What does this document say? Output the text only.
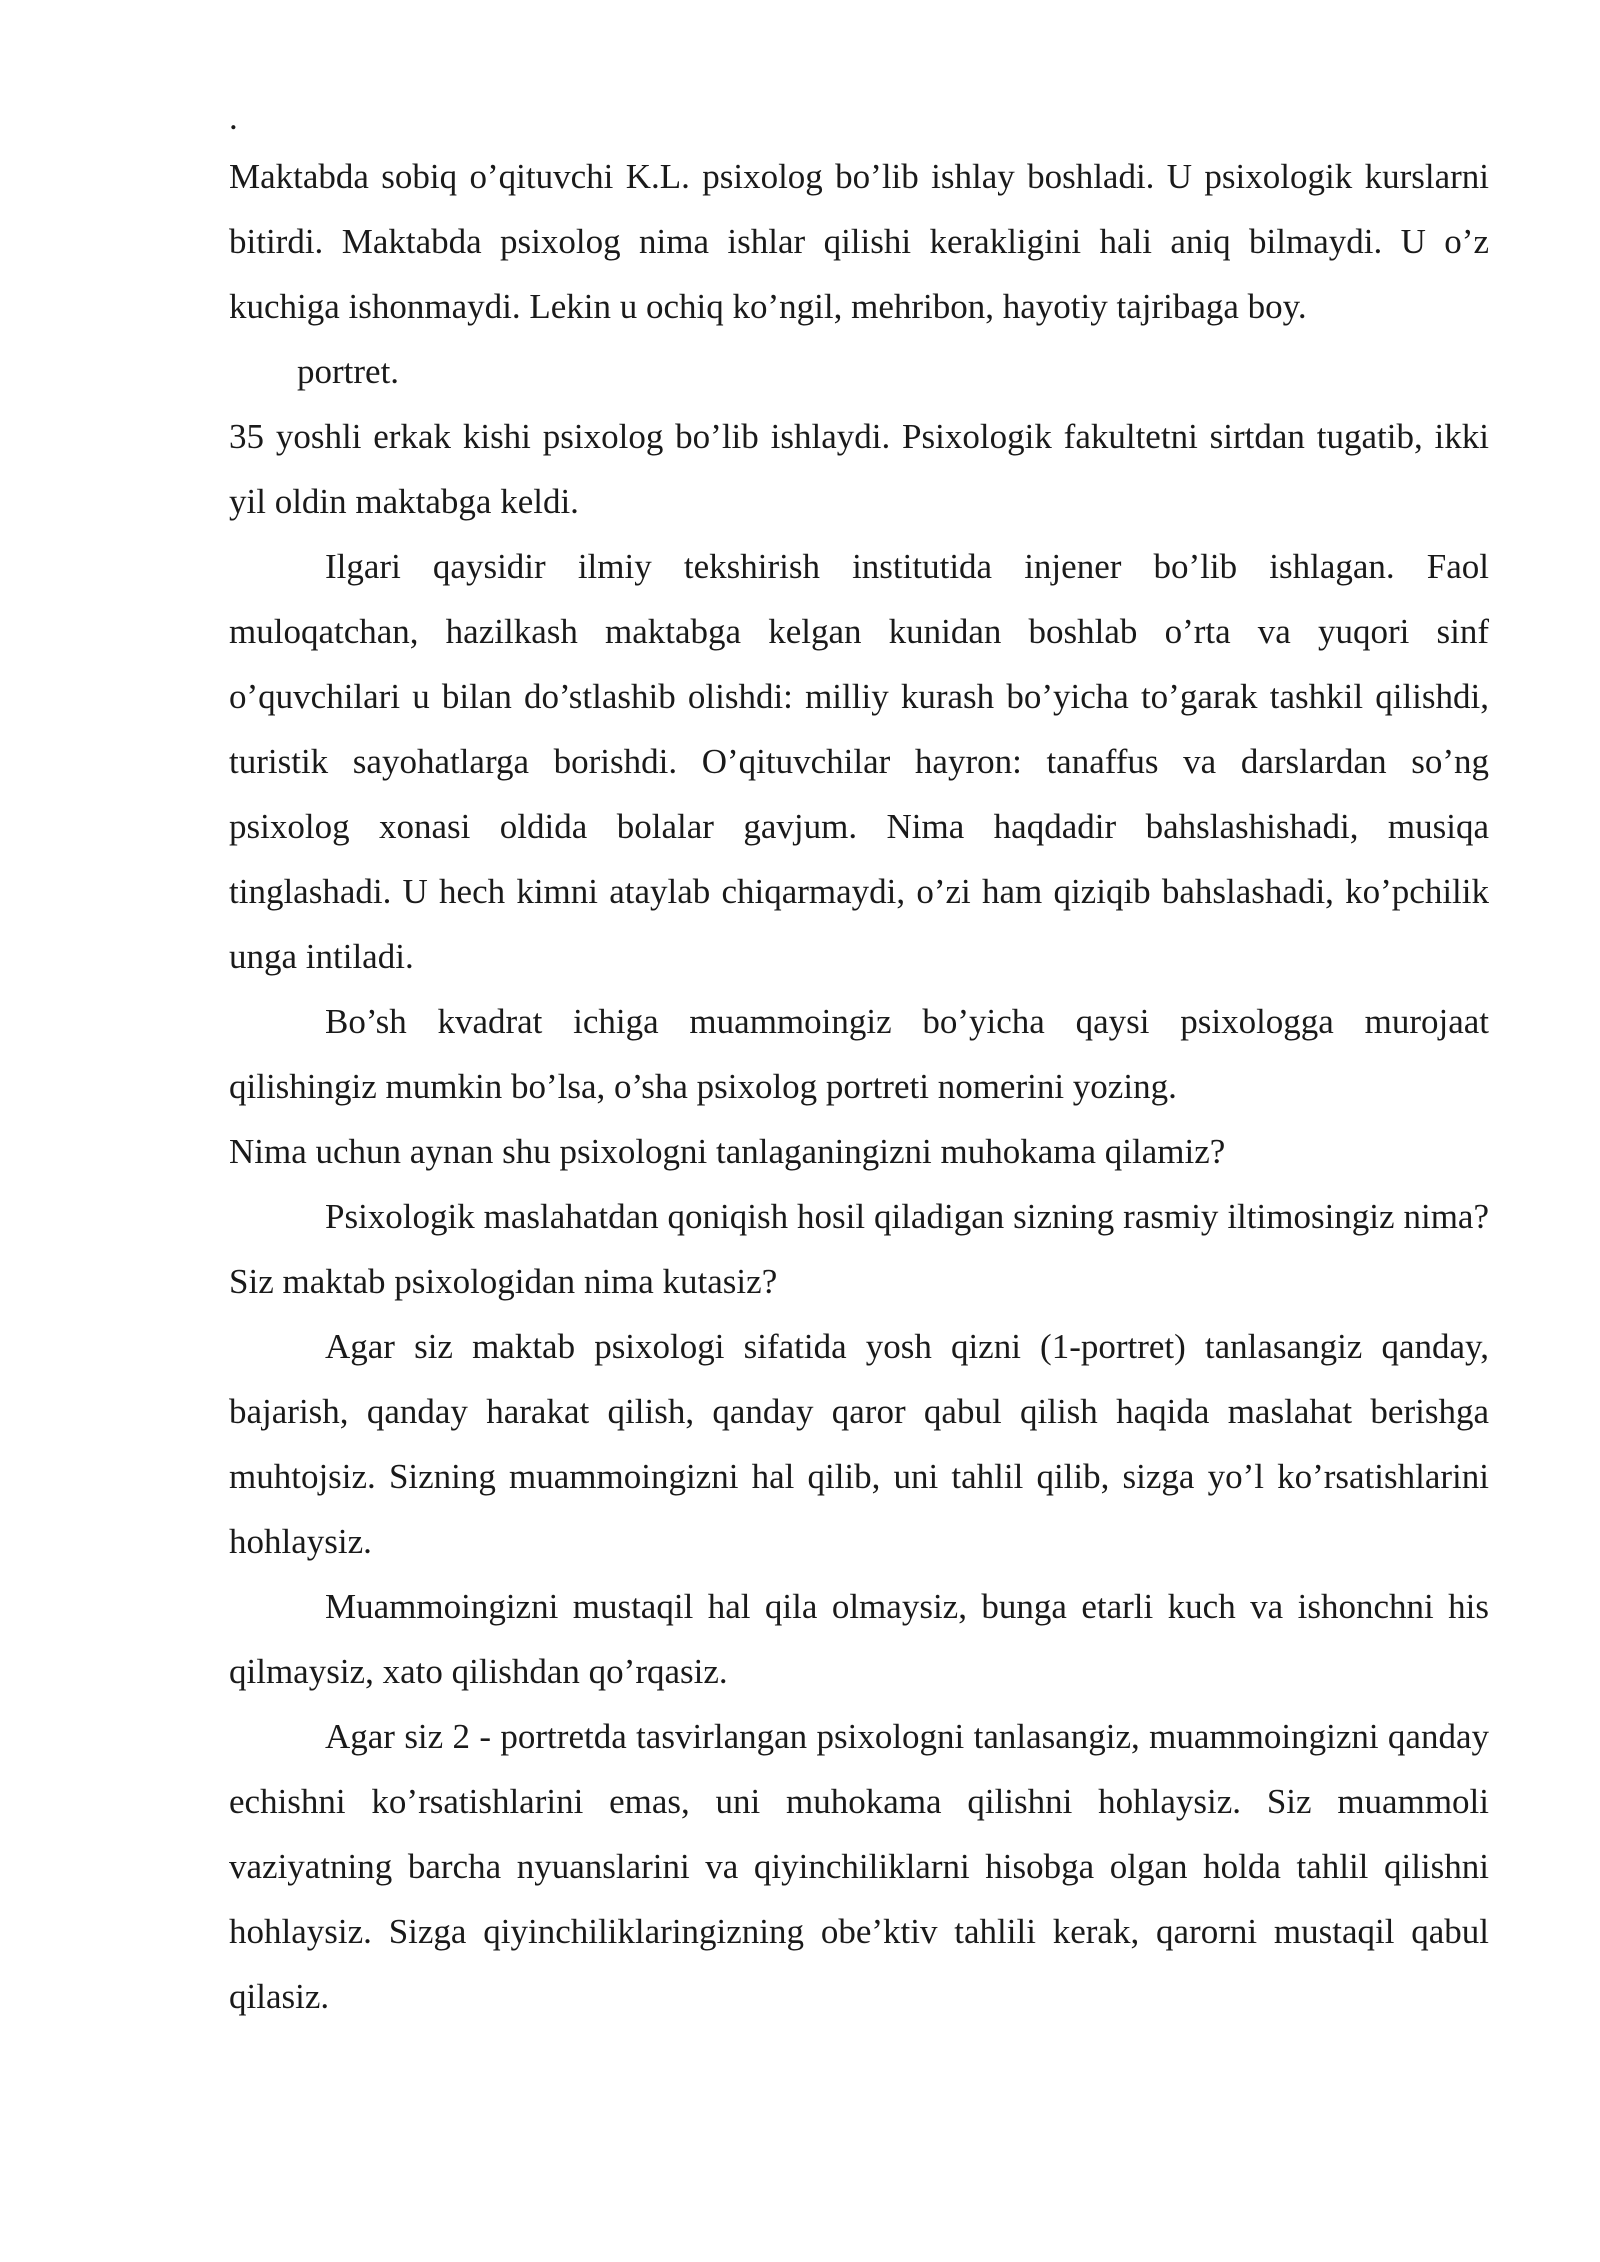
.

Maktabda sobiq o’qituvchi K.L. psixolog bo’lib ishlay boshladi. U psixologik kurslarni bitirdi. Maktabda psixolog nima ishlar qilishi kerakligini hali aniq bilmaydi. U o’z kuchiga ishonmaydi. Lekin u ochiq ko’ngil, mehribon, hayotiy tajribaga boy.

portret.

35 yoshli erkak kishi psixolog bo’lib ishlaydi. Psixologik fakultetni sirtdan tugatib, ikki yil oldin maktabga keldi.

Ilgari qaysidir ilmiy tekshirish institutida injener bo’lib ishlagan. Faol muloqatchan, hazilkash maktabga kelgan kunidan boshlab o’rta va yuqori sinf o’quvchilari u bilan do’stlashib olishdi: milliy kurash bo’yicha to’garak tashkil qilishdi, turistik sayohatlarga borishdi. O’qituvchilar hayron: tanaffus va darslardan so’ng psixolog xonasi oldida bolalar gavjum. Nima haqdadir bahslashishadi, musiqa tinglashadi. U hech kimni ataylab chiqarmaydi, o’zi ham qiziqib bahslashadi, ko’pchilik unga intiladi.

Bo’sh kvadrat ichiga muammoingiz bo’yicha qaysi psixologga murojaat qilishingiz mumkin bo’lsa, o’sha psixolog portreti nomerini yozing.

Nima uchun aynan shu psixologni tanlaganingizni muhokama qilamiz?

Psixologik maslahatdan qoniqish hosil qiladigan sizning rasmiy iltimosingiz nima? Siz maktab psixologidan nima kutasiz?

Agar siz maktab psixologi sifatida yosh qizni (1-portret) tanlasangiz qanday, bajarish, qanday harakat qilish, qanday qaror qabul qilish haqida maslahat berishga muhtojsiz. Sizning muammoingizni hal qilib, uni tahlil qilib, sizga yo’l ko’rsatishlarini hohlaysiz.

Muammoingizni mustaqil hal qila olmaysiz, bunga etarli kuch va ishonchni his qilmaysiz, xato qilishdan qo’rqasiz.

Agar siz 2 - portretda tasvirlangan psixologni tanlasangiz, muammoingizni qanday echishni ko’rsatishlarini emas, uni muhokama qilishni hohlaysiz. Siz muammoli vaziyatning barcha nyuanslarini va qiyinchiliklarni hisobga olgan holda tahlil qilishni hohlaysiz. Sizga qiyinchiliklaringizning obe’ktiv tahlili kerak, qarorni mustaqil qabul qilasiz.
